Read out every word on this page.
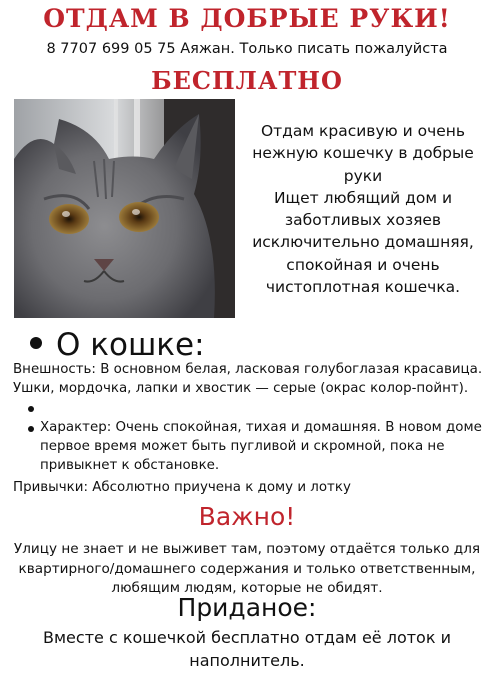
ОТДАМ В ДОБРЫЕ РУКИ!
8 7707 699 05 75 Аяжан. Только писать пожалуйста
БЕСПЛАТНО
Отдам красивую и очень
нежную кошечку в добрые
руки
Ищет любящий дом и
заботливых хозяев
исключительно домашняя,
спокойная и очень
чистоплотная кошечка.
О кошке:
Внешность: В основном белая, ласковая голубоглазая красавица.
Ушки, мордочка, лапки и хвостик — серые (окрас колор-пойнт).
Характер: Очень спокойная, тихая и домашняя. В новом доме
первое время может быть пугливой и скромной, пока не
привыкнет к обстановке.
Привычки: Абсолютно приучена к дому и лотку
Важно!
Улицу не знает и не выживет там, поэтому отдаётся только для
квартирного/домашнего содержания и только ответственным,
любящим людям, которые не обидят.
Приданое:
Вместе с кошечкой бесплатно отдам её лоток и
наполнитель.
